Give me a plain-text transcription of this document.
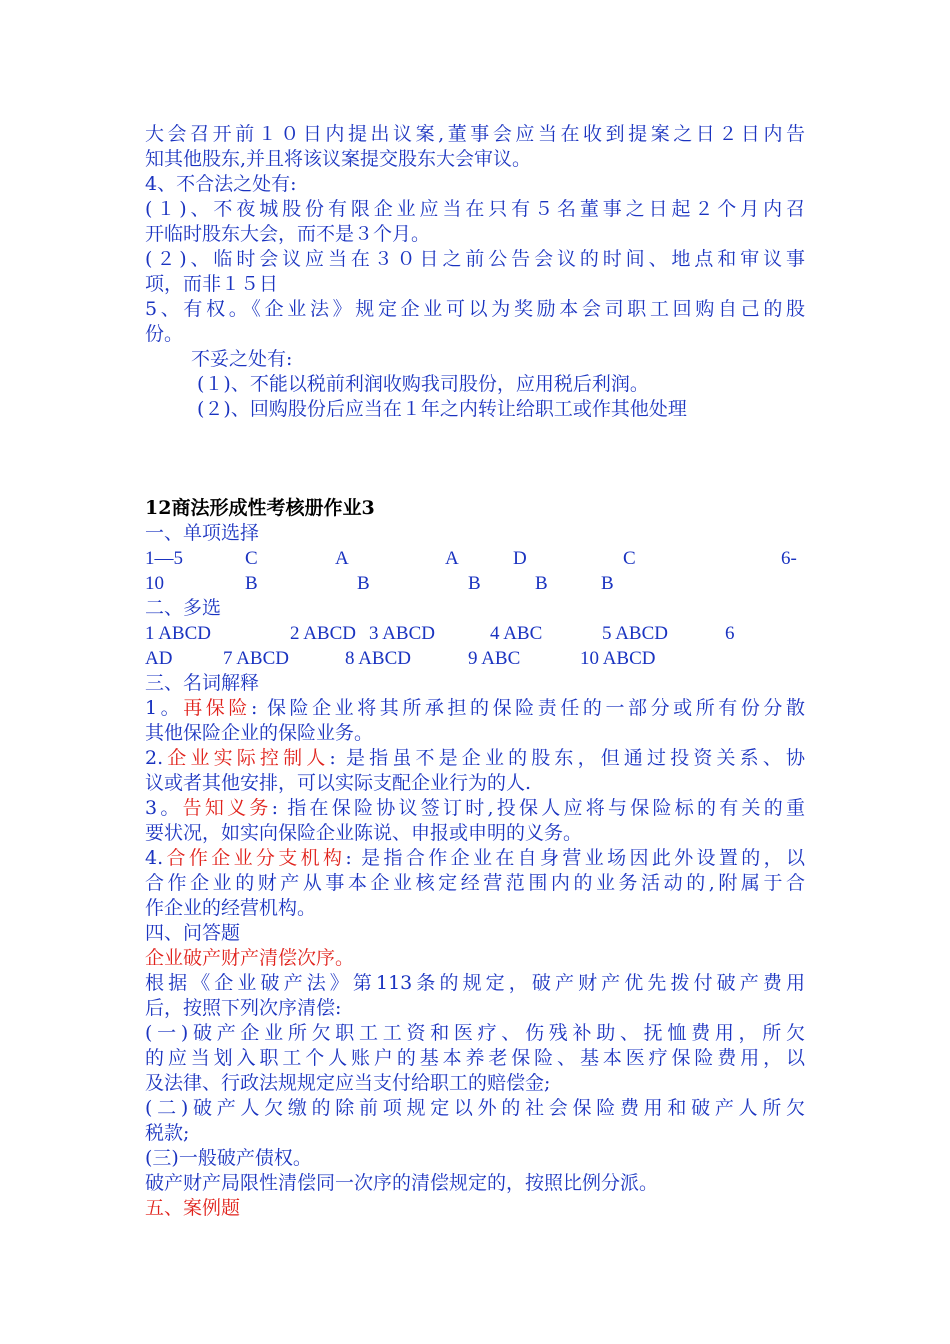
大会召开前１０日内提出议案,董事会应当在收到提案之日２日内告
知其他股东,并且将该议案提交股东大会审议。
4、不合法之处有:
(１)、不夜城股份有限企业应当在只有５名董事之日起２个月内召
开临时股东大会，而不是３个月。
(２)、临时会议应当在３０日之前公告会议的时间、地点和审议事
项，而非１５日
5、有权。《企业法》规定企业可以为奖励本会司职工回购自己的股
份。
不妥之处有:
(１)、不能以税前利润收购我司股份，应用税后利润。
(２)、回购股份后应当在１年之内转让给职工或作其他处理
12商法形成性考核册作业3
一、单项选择
1—5	C	A	A	D	C	6-
10	B	B	B	B	B
二、多选
1 ABCD	2 ABCD 3 ABCD	4 ABC	5 ABCD	6
AD	7 ABCD	8 ABCD	9 ABC	10 ABCD
三、名词解释
1。再保险: 保险企业将其所承担的保险责任的一部分或所有份分散
其他保险企业的保险业务。
2.企业实际控制人: 是指虽不是企业的股东，但通过投资关系、协
议或者其他安排，可以实际支配企业行为的人.
3。告知义务: 指在保险协议签订时,投保人应将与保险标的有关的重
要状况，如实向保险企业陈说、申报或申明的义务。
4.合作企业分支机构: 是指合作企业在自身营业场因此外设置的，以
合作企业的财产从事本企业核定经营范围内的业务活动的,附属于合
作企业的经营机构。
四、问答题
企业破产财产清偿次序。
根据《企业破产法》第113条的规定，破产财产优先拨付破产费用
后，按照下列次序清偿:
(一)破产企业所欠职工工资和医疗、伤残补助、抚恤费用，所欠
的应当划入职工个人账户的基本养老保险、基本医疗保险费用，以
及法律、行政法规规定应当支付给职工的赔偿金;
(二)破产人欠缴的除前项规定以外的社会保险费用和破产人所欠
税款;
(三)一般破产债权。
破产财产局限性清偿同一次序的清偿规定的，按照比例分派。
五、案例题
